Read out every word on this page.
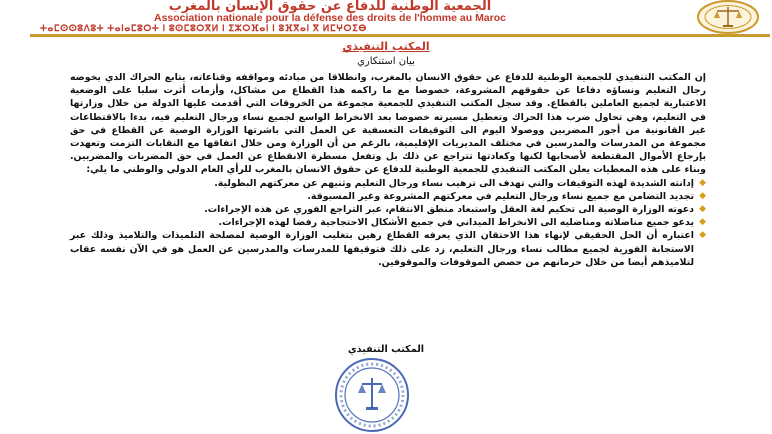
الجمعية الوطنية للدفاع عن حقوق الإنسان بالمغرب
Association nationale pour la défense des droits de l'homme au Maroc
ⵜⴰⵎⵙⵙⵓⴷⵓⵜ ⵜⴰⵏⴰⵎⵓⵔⵜ ⵏ ⵓⵙⵎⵓⵔⴳⵍ ⵏ ⵉⵣⵔⴼⴰⵏ ⵏ ⵓⴼⴳⴰⵏ ⴳ ⵍⵎⵖⵔⵉⴱ
المكتب التنفيذي
بيان استنكاري

إن المكتب التنفيذي للجمعية الوطنية للدفاع عن حقوق الانسان بالمغرب، وانطلاقا من مبادئه ومواقفه وقناعاته، يتابع الحراك الذي يخوضه رجال التعليم ونساؤه دفاعا عن حقوقهم المشروعة، خصوصا مع ما راكمه هذا القطاع من مشاكل، وأزمات أثرت سلبا على الوضعية الاعتبارية لجميع العاملين بالقطاع. وقد سجل المكتب التنفيذي للجمعية مجموعة من الخروقات التي أقدمت عليها الدولة من خلال وزارتها في التعليم، وهي تحاول ضرب هذا الحراك وتعطيل مسيرته خصوصا بعد الانخراط الواسع لجميع نساء ورجال التعليم فيه، بدءا بالاقتطاعات غير القانونية من أجور المضربين ووصولا اليوم الى التوقيفات التعسفية عن العمل التي باشرتها الوزارة الوصية عن القطاع في حق مجموعة من المدرسات والمدرسين في مختلف المديريات الإقليمية، بالرغم من أن الوزارة ومن خلال اتفاقها مع النقابات التزمت وتعهدت بإرجاع الأموال المقتطعة لأصحابها لكنها وكعادتها تتراجع عن ذلك بل وتفعل مسطرة الانقطاع عن العمل في حق المضربات والمضربين. وبناء على هذه المعطيات يعلن المكتب التنفيذي للجمعية الوطنية للدفاع عن حقوق الانسان بالمغرب للرأي العام الدولي والوطني ما يلي:

◆
إدانته الشديدة لهذه التوقيفات والتي تهدف الى ترهيب نساء ورجال التعليم وثنيهم عن معركتهم البطولية.
◆
تجديد التضامن مع جميع نساء ورجال التعليم في معركتهم المشروعة وغير المسبوقة.
◆
دعوته الوزارة الوصية الى تحكيم لغة العقل واستبعاد منطق الانتقام، عبر التراجع الفوري عن هذه الإجراءات.
◆
يدعو جميع مناضلاته ومناضليه الى الانخراط الميداني في جميع الأشكال الاحتجاجية رفضا لهذه الإجراءات.
◆
اعتباره أن الحل الحقيقي لإنهاء هذا الاحتقان الذي يعرفه القطاع رهين بتغليب الوزارة الوصية لمصلحة التلميذات والتلاميذ وذلك عبر الاستجابة الفورية لجميع مطالب نساء ورجال التعليم، زد على ذلك فتوقيفها للمدرسات والمدرسين عن العمل هو في الآن نفسه عقاب لتلاميذهم أيضا من خلال حرمانهم من حصص الموقوفات والموقوفين.
المكتب التنفيذي
